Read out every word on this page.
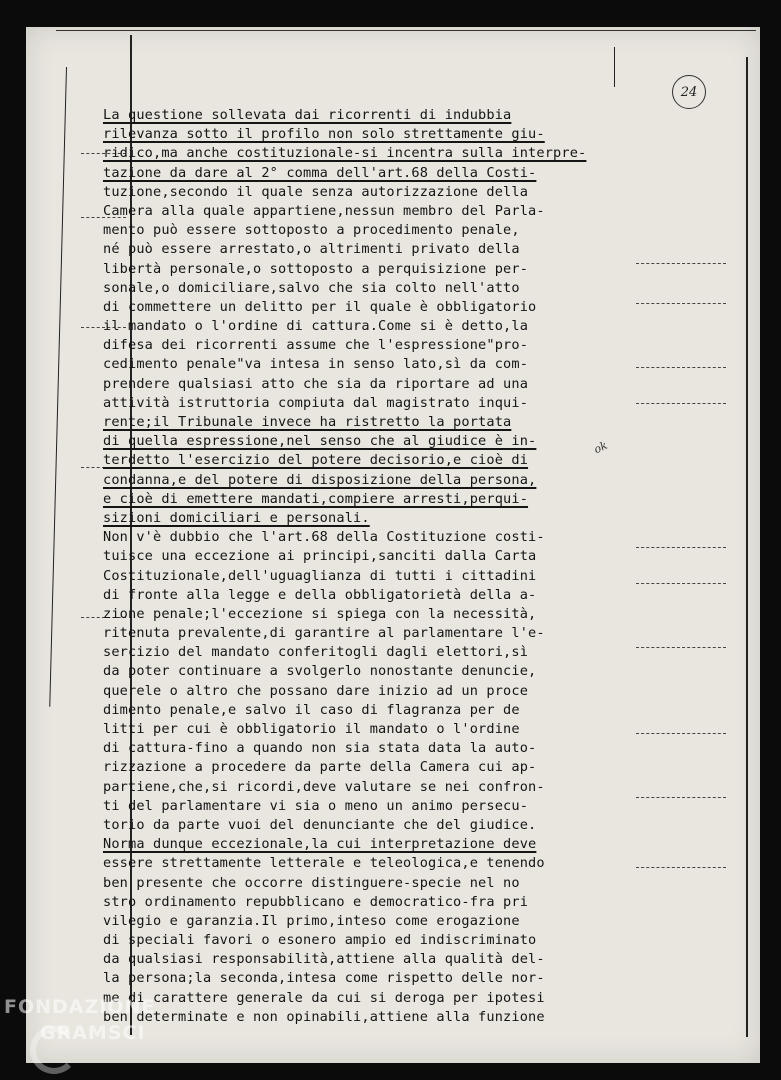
24
ok
La questione sollevata dai ricorrenti di indubbia
rilevanza sotto il profilo non solo strettamente giu-
ridico,ma anche costituzionale-si incentra sulla interpre-
tazione da dare al 2° comma dell'art.68 della Costi-
tuzione,secondo il quale senza autorizzazione della
Camera alla quale appartiene,nessun membro del Parla-
mento può essere sottoposto a procedimento penale,
né può essere arrestato,o altrimenti privato della
libertà personale,o sottoposto a perquisizione per-
sonale,o domiciliare,salvo che sia colto nell'atto
di commettere un delitto per il quale è obbligatorio
il mandato o l'ordine di cattura.Come si è detto,la
difesa dei ricorrenti assume che l'espressione"pro-
cedimento penale"va intesa in senso lato,sì da com-
prendere qualsiasi atto che sia da riportare ad una
attività istruttoria compiuta dal magistrato inqui-
rente;il Tribunale invece ha ristretto la portata
di quella espressione,nel senso che al giudice è in-
terdetto l'esercizio del potere decisorio,e cioè di
condanna,e del potere di disposizione della persona,
e cioè di emettere mandati,compiere arresti,perqui-
sizioni domiciliari e personali.
Non v'è dubbio che l'art.68 della Costituzione costi-
tuisce una eccezione ai principi,sanciti dalla Carta
Costituzionale,dell'uguaglianza di tutti i cittadini
di fronte alla legge e della obbligatorietà della a-
zione penale;l'eccezione si spiega con la necessità,
ritenuta prevalente,di garantire al parlamentare l'e-
sercizio del mandato conferitogli dagli elettori,sì
da poter continuare a svolgerlo nonostante denuncie,
querele o altro che possano dare inizio ad un proce
dimento penale,e salvo il caso di flagranza per de
litti per cui è obbligatorio il mandato o l'ordine
di cattura-fino a quando non sia stata data la auto-
rizzazione a procedere da parte della Camera cui ap-
partiene,che,si ricordi,deve valutare se nei confron-
ti del parlamentare vi sia o meno un animo persecu-
torio da parte vuoi del denunciante che del giudice.
Norma dunque eccezionale,la cui interpretazione deve
essere strettamente letterale e teleologica,e tenendo
ben presente che occorre distinguere-specie nel no
stro ordinamento repubblicano e democratico-fra pri
vilegio e garanzia.Il primo,inteso come erogazione
di speciali favori o esonero ampio ed indiscriminato
da qualsiasi responsabilità,attiene alla qualità del-
la persona;la seconda,intesa come rispetto delle nor-
me di carattere generale da cui si deroga per ipotesi
ben determinate e non opinabili,attiene alla funzione
FONDAZIONE
GRAMSCI
